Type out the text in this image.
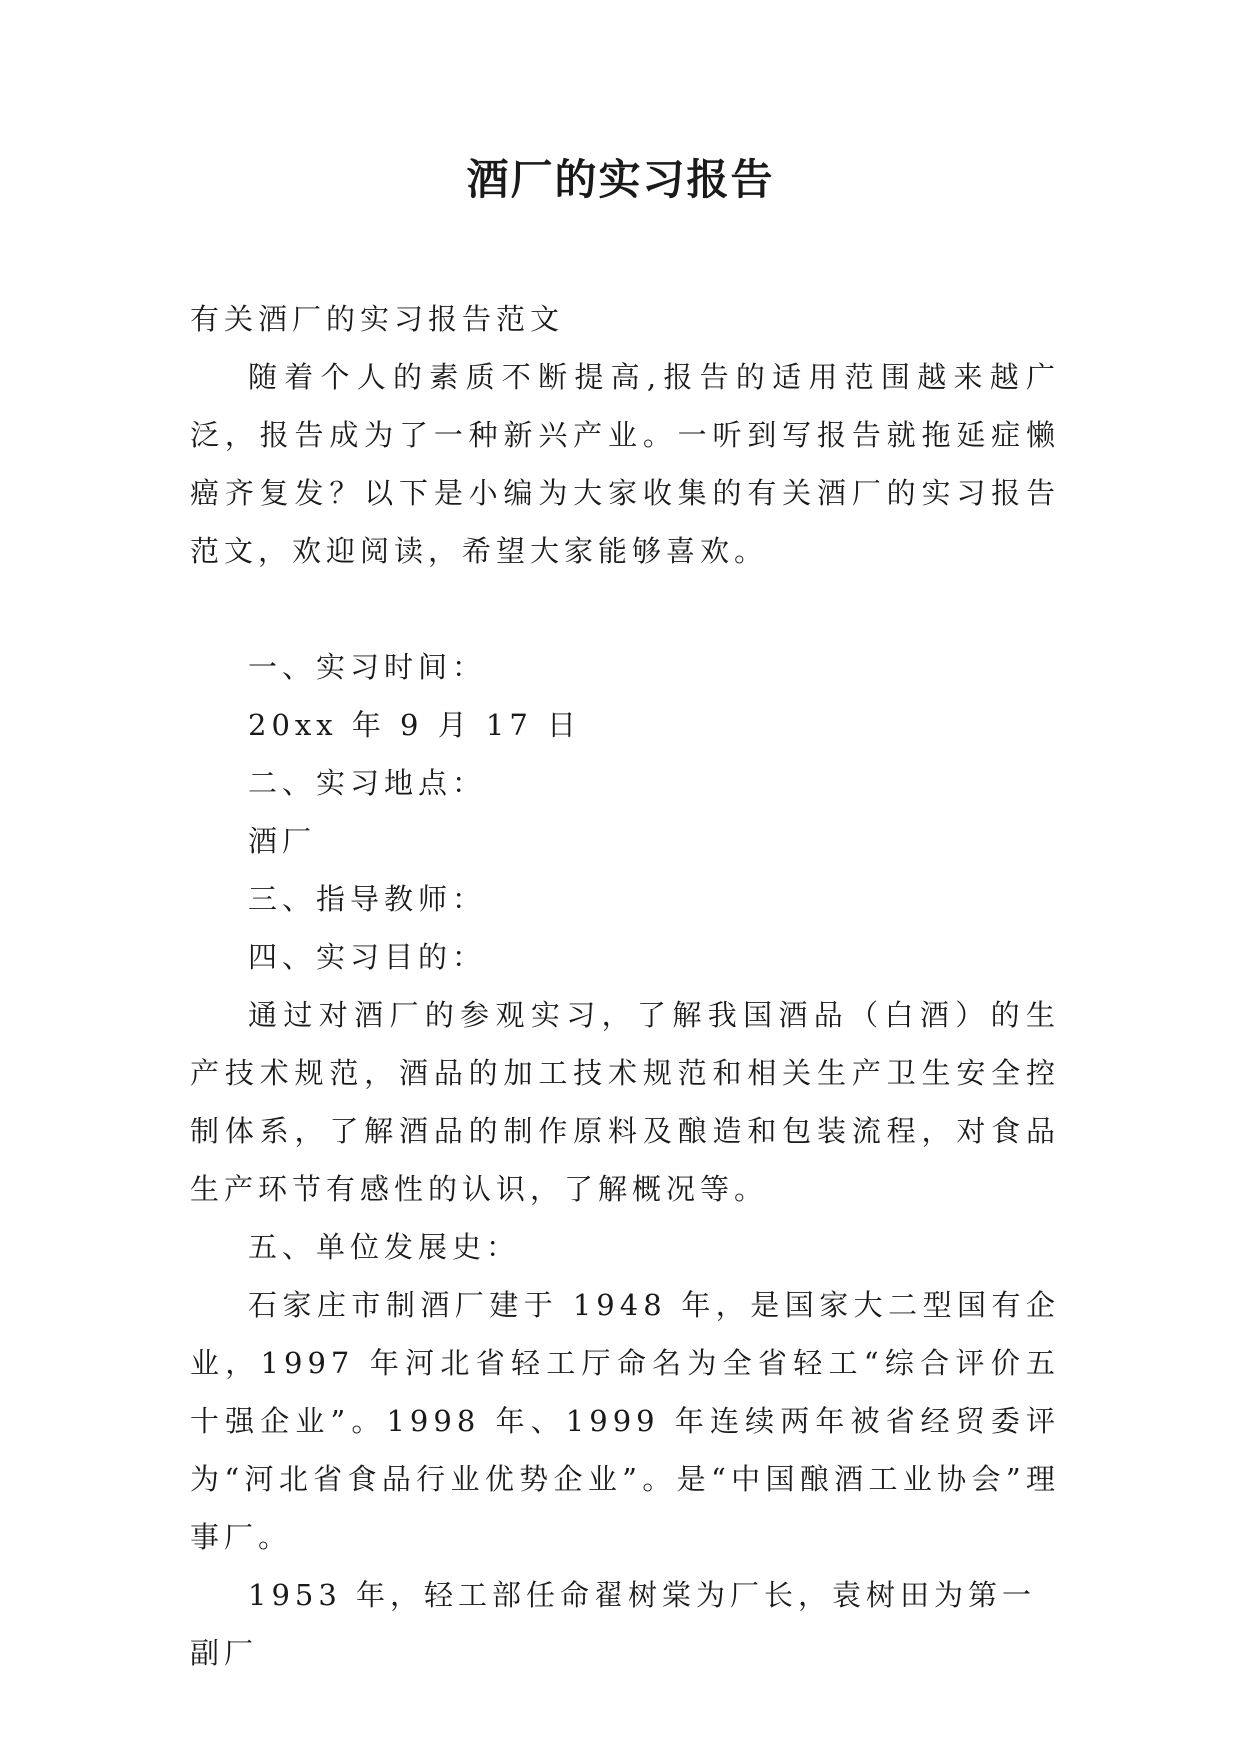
酒厂的实习报告

有关酒厂的实习报告范文

随着个人的素质不断提高,报告的适用范围越来越广泛，报告成为了一种新兴产业。一听到写报告就拖延症懒癌齐复发？以下是小编为大家收集的有关酒厂的实习报告范文，欢迎阅读，希望大家能够喜欢。

一、实习时间：

20xx 年 9 月 17 日

二、实习地点：

酒厂

三、指导教师：

四、实习目的：

通过对酒厂的参观实习，了解我国酒品（白酒）的生产技术规范，酒品的加工技术规范和相关生产卫生安全控制体系，了解酒品的制作原料及酿造和包装流程，对食品生产环节有感性的认识，了解概况等。

五、单位发展史：

石家庄市制酒厂建于 1948 年，是国家大二型国有企业，1997 年河北省轻工厅命名为全省轻工“综合评价五十强企业”。1998 年、1999 年连续两年被省经贸委评为“河北省食品行业优势企业”。是“中国酿酒工业协会”理事厂。

1953 年，轻工部任命翟树棠为厂长，袁树田为第一副厂
